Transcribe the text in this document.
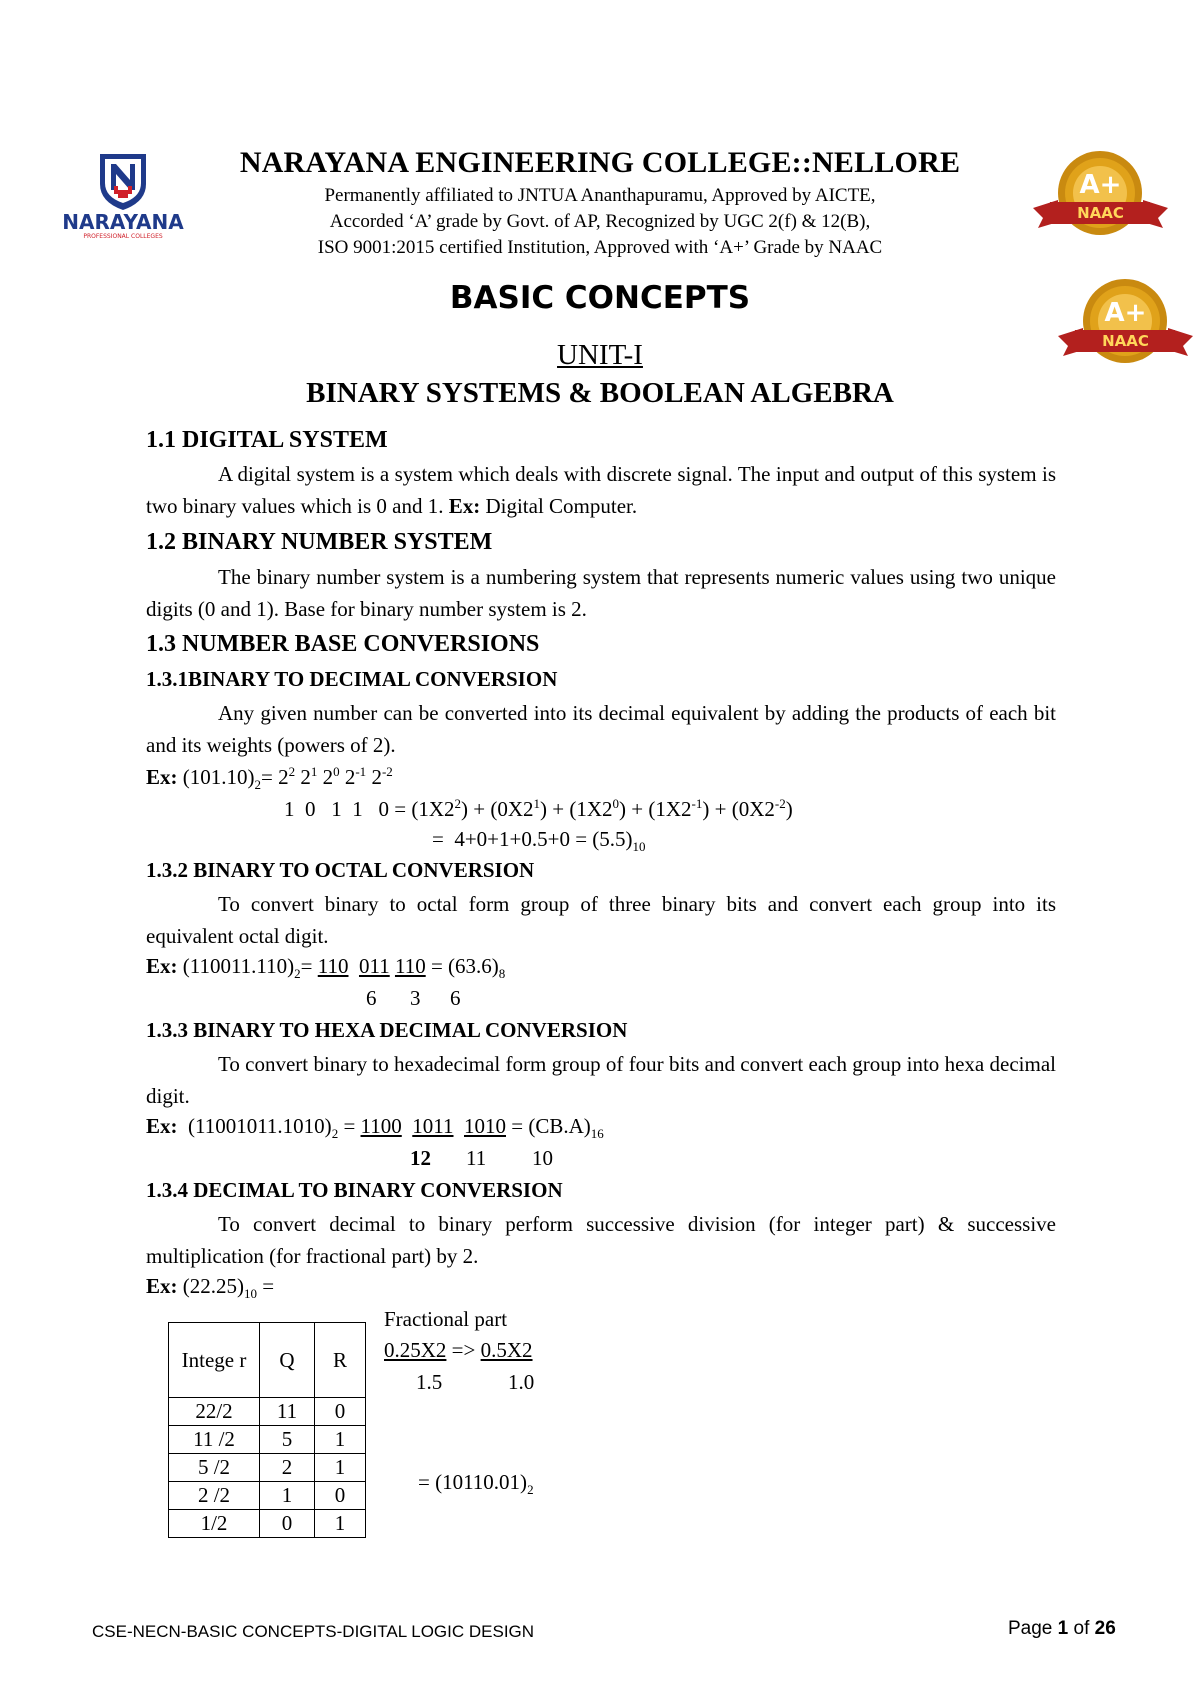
NARAYANA
PROFESSIONAL COLLEGES
A+
NAAC
A+
NAAC
NARAYANA ENGINEERING COLLEGE::NELLORE
Permanently affiliated to JNTUA Ananthapuramu, Approved by AICTE,
Accorded ‘A’ grade by Govt. of AP, Recognized by UGC 2(f) & 12(B),
ISO 9001:2015 certified Institution, Approved with ‘A+’ Grade by NAAC
BASIC CONCEPTS
UNIT-I
BINARY SYSTEMS & BOOLEAN ALGEBRA
1.1 DIGITAL SYSTEM
A digital system is a system which deals with discrete signal. The input and output of this system is two binary values which is 0 and 1. Ex: Digital Computer.
1.2 BINARY NUMBER SYSTEM
The binary number system is a numbering system that represents numeric values using two unique digits (0 and 1). Base for binary number system is 2.
1.3 NUMBER BASE CONVERSIONS
1.3.1BINARY TO DECIMAL CONVERSION
Any given number can be converted into its decimal equivalent by adding the products of each bit and its weights (powers of 2).
Ex: $(101.10)_2= 2^2$ $2^1$ $2^0$ $2^{-1}$ $2^{-2}$
1  0   1  1   $0 = (1X2^2) + (0X2^1) + (1X2^0) + (1X2^{-1}) + (0X2^{-2})$
=  $4+0+1+0.5+0 = (5.5)_{10}$
1.3.2 BINARY TO OCTAL CONVERSION
To convert binary to octal form group of three binary bits and convert each group into its equivalent octal digit.
Ex: $(110011.110)_2= 110$ 011 $110 = (63.6)_8$
6 3 6
1.3.3 BINARY TO HEXA DECIMAL CONVERSION
To convert binary to hexadecimal form group of four bits and convert each group into hexa decimal digit.
Ex:  $(11001011.1010)_2 = 1100$ 1011 $1010 = (CB.A)_{16}$
12 11 10
1.3.4 DECIMAL TO BINARY CONVERSION
To convert decimal to binary perform successive division (for integer part) & successive multiplication (for fractional part) by 2.
Ex: $(22.25)_{10}$ =
Intege r	Q	R
22/2	11	0
11 /2	5	1
5 /2	2	1
2 /2	1	0
1/2	0	1
Fractional part
0.25X2 => 0.5X2
1.5	1.0
= $(10110.01)_2$
CSE-NECN-BASIC CONCEPTS-DIGITAL LOGIC DESIGN	Page 1 of 26
